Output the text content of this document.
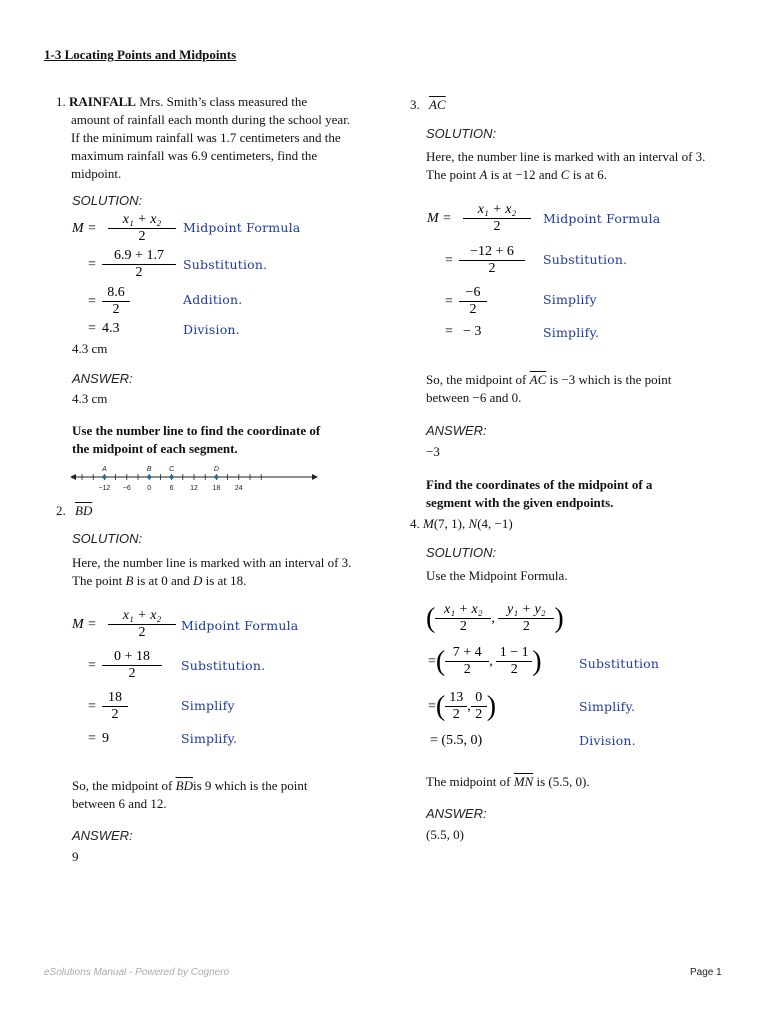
1-3 Locating Points and Midpoints
1. RAINFALL Mrs. Smith’s class measured the
amount of rainfall each month during the school year.
If the minimum rainfall was 1.7 centimeters and the
maximum rainfall was 6.9 centimeters, find the
midpoint.
SOLUTION:
$M = \frac{\text{x₁ + x₂}}{2}$ Midpoint Formula
= $\frac{6.9 + 1.7}{2}$ Substitution.
= $\frac{8.6}{2}$	Addition.
= 4.3	Division.
4.3 cm
ANSWER:
4.3 cm
Use the number line to find the coordinate of
the midpoint of each segment.
−12 −6 0	6 12 18 24
A	B	C	D
2. $\overline{BD}$
SOLUTION:
Here, the number line is marked with an interval of 3.
The point B is at 0 and D is at 18.
$M = \frac{\text{x₁ + x₂}}{2}$ Midpoint Formula
= $\frac{0 + 18}{2}$ Substitution.
= $\frac{18}{2}$	Simplify
= 9	Simplify.
So, the midpoint of $\overline{BD}is$ 9 which is the point
between 6 and 12.
ANSWER:
9
3. $\overline{AC}$
SOLUTION:
Here, the number line is marked with an interval of 3.
The point A is at −12 and C is at 6.
$M = \frac{\text{x₁ + x₂}}{2}$ Midpoint Formula
= $\frac{-12 + 6}{2}$ Substitution.
= $\frac{-6}{2}$	Simplify
= − 3	Simplify.
So, the midpoint of $\overline{AC}$ is −3 which is the point
between −6 and 0.
ANSWER:
−3
Find the coordinates of the midpoint of a
segment with the given endpoints.
4. M(7, 1), N(4, −1)
SOLUTION:
Use the Midpoint Formula.
( $\frac{\text{x₁ + x₂}}{2}$ , $\frac{\text{y₁ + y₂}}{2}$ )
= ( $\frac{7 + 4}{2}$ , $\frac{1 - 1}{2}$ )	Substitution
= ( $\frac{13}{2}$ , $\frac{0}{2}$ )	Simplify.
= (5.5, 0)	Division.
The midpoint of $\overline{MN}$ is (5.5, 0).
ANSWER:
(5.5, 0)
eSolutions Manual - Powered by Cognero	Page 1
